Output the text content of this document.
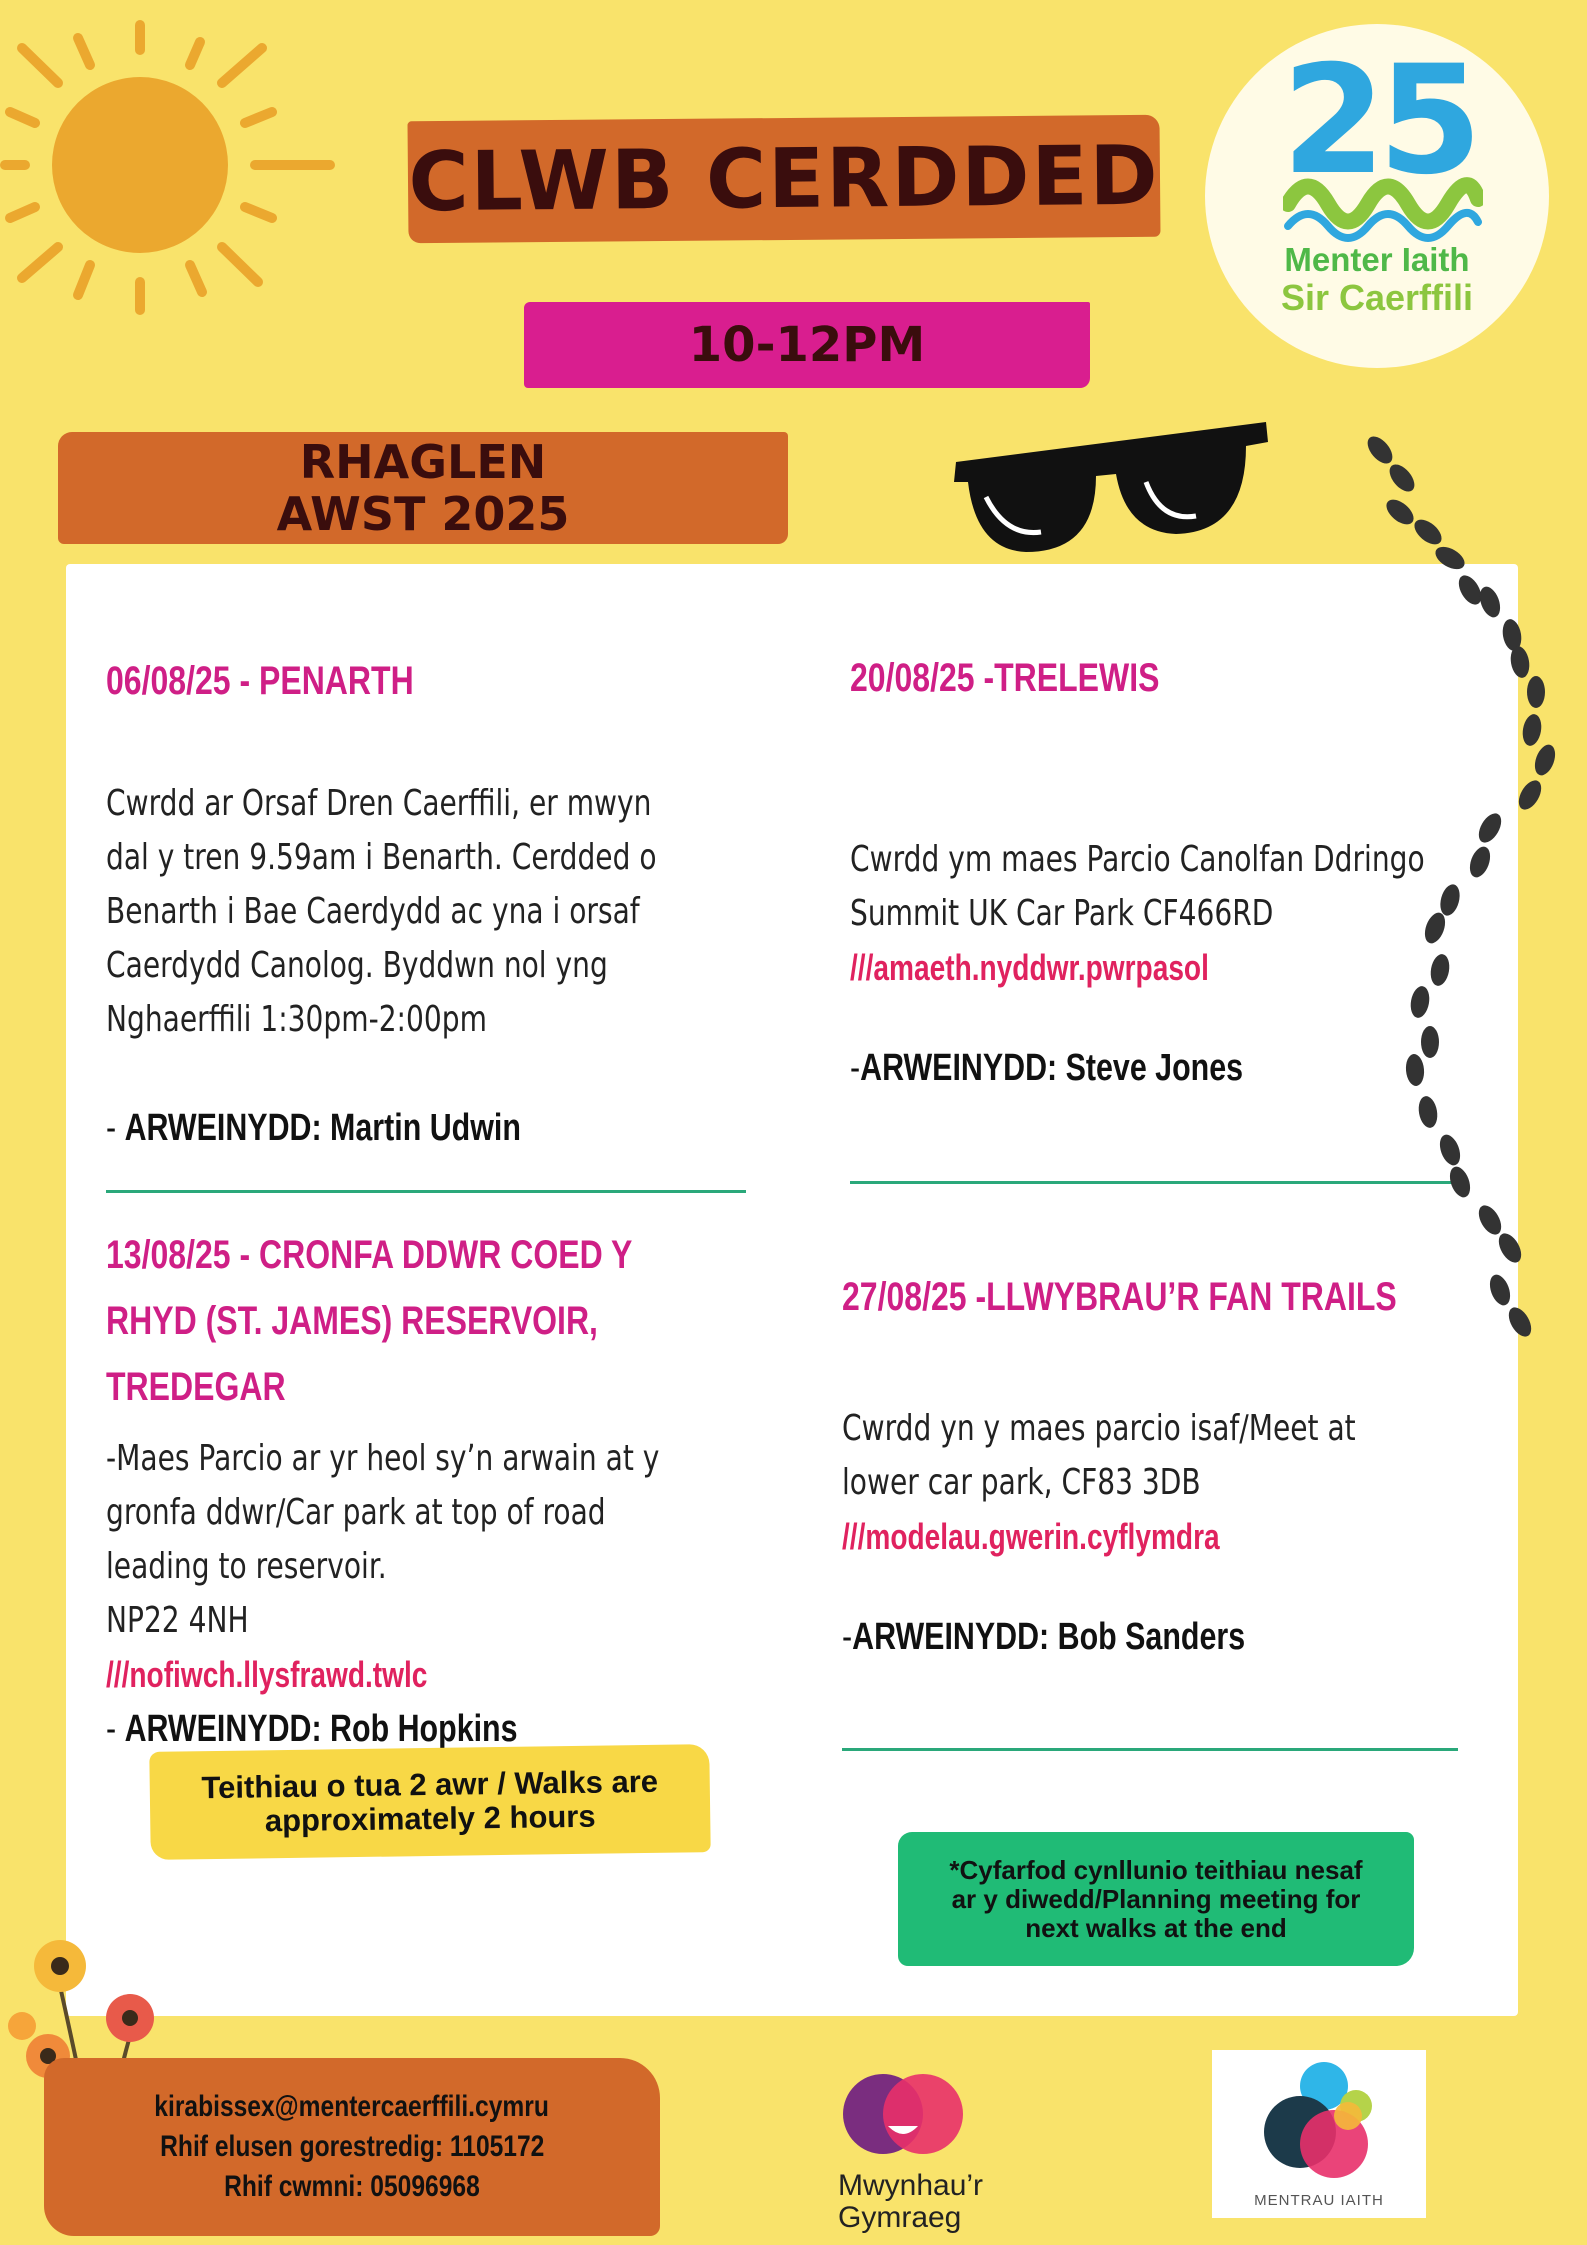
CLWB CERDDED
10-12PM
RHAGLEN
AWST 2025
25
Menter Iaith
Sir Caerffili
06/08/25 - PENARTH
Cwrdd ar Orsaf Dren Caerffili, er mwyn
dal y tren 9.59am i Benarth. Cerdded o
Benarth i Bae Caerdydd ac yna i orsaf
Caerdydd Canolog. Byddwn nol yng
Nghaerffili 1:30pm-2:00pm
- ARWEINYDD: Martin Udwin
13/08/25 - CRONFA DDWR COED Y
RHYD (ST. JAMES) RESERVOIR,
TREDEGAR
-Maes Parcio ar yr heol sy’n arwain at y
gronfa ddwr/Car park at top of road
leading to reservoir.
NP22 4NH
///nofiwch.llysfrawd.twlc
- ARWEINYDD: Rob Hopkins
20/08/25 -TRELEWIS
Cwrdd ym maes Parcio Canolfan Ddringo
Summit UK Car Park CF466RD
///amaeth.nyddwr.pwrpasol
-ARWEINYDD: Steve Jones
27/08/25 -LLWYBRAU’R FAN TRAILS
Cwrdd yn y maes parcio isaf/Meet at
lower car park, CF83 3DB
///modelau.gwerin.cyflymdra
-ARWEINYDD: Bob Sanders
Teithiau o tua 2 awr / Walks are
approximately 2 hours
*Cyfarfod cynllunio teithiau nesaf
ar y diwedd/Planning meeting for
next walks at the end
kirabissex@mentercaerffili.cymru
Rhif elusen gorestredig: 1105172
Rhif cwmni: 05096968	Mwynhau’r
Gymraeg
MENTRAU IAITH
